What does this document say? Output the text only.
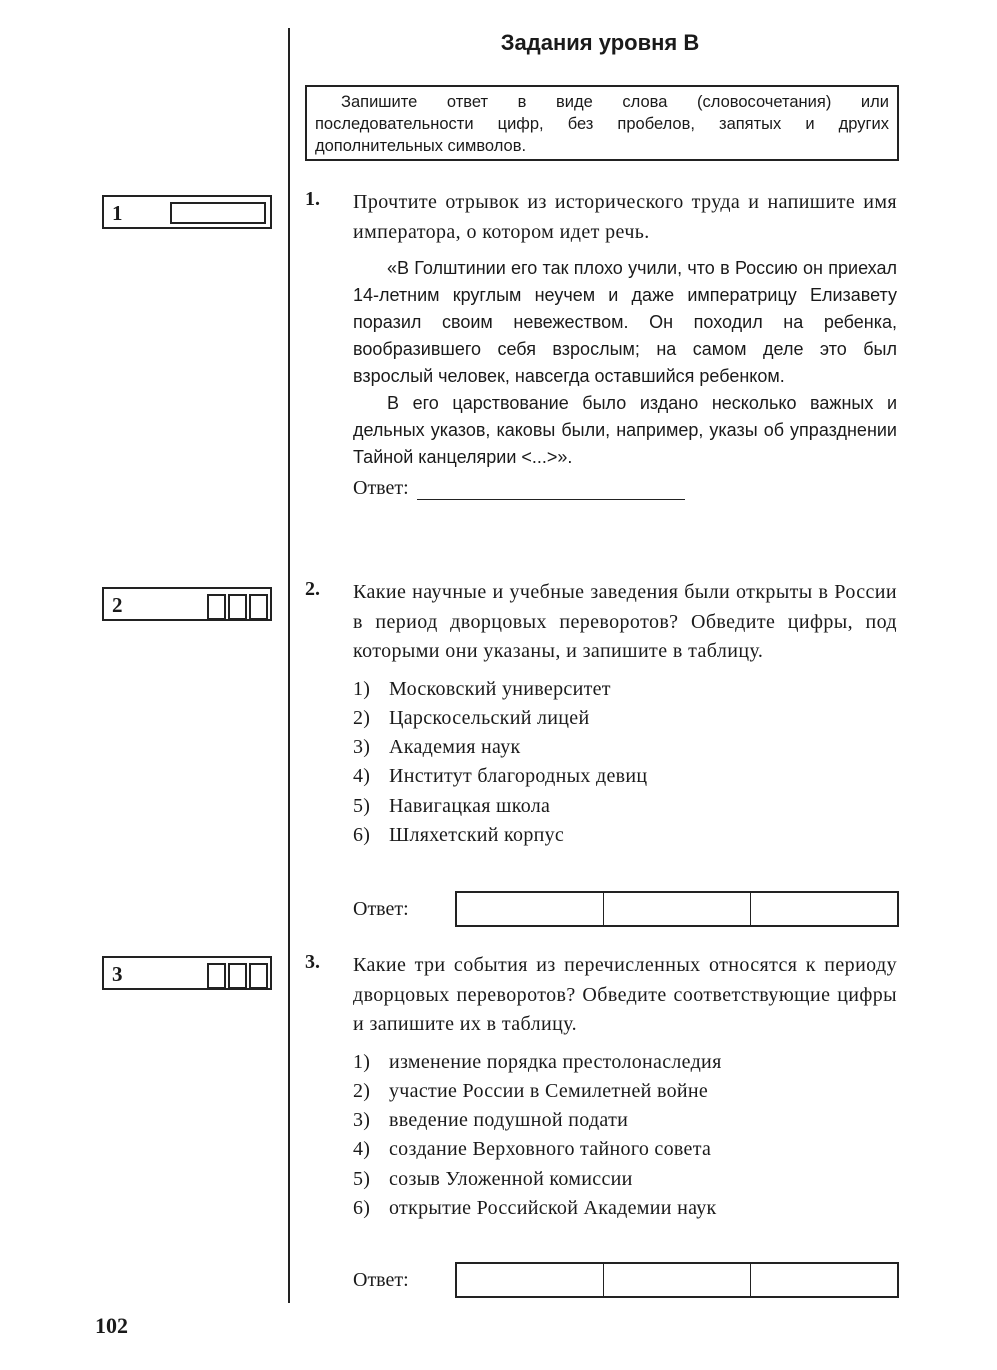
Задания уровня В
Запишите ответ в виде слова (словосочетания) или последовательности цифр, без пробелов, запятых и других дополнительных символов.
1
2
3
1. Прочтите отрывок из исторического труда и напишите имя императора, о котором идет речь.

«В Голштинии его так плохо учили, что в Россию он приехал 14-летним круглым неучем и даже императрицу Елизавету поразил своим невежеством. Он походил на ребенка, вообразившего себя взрослым; на самом деле это был взрослый человек, навсегда оставшийся ребенком.

В его царствование было издано несколько важных и дельных указов, каковы были, например, указы об упразднении Тайной канцелярии <...>».

Ответ:
2. Какие научные и учебные заведения были открыты в России в период дворцовых переворотов? Обведите цифры, под которыми они указаны, и запишите в таблицу.
1) Московский университет
2) Царскосельский лицей
3) Академия наук
4) Институт благородных девиц
5) Навигацкая школа
6) Шляхетский корпус
Ответ:
3. Какие три события из перечисленных относятся к периоду дворцовых переворотов? Обведите соответствующие цифры и запишите их в таблицу.
1) изменение порядка престолонаследия
2) участие России в Семилетней войне
3) введение подушной подати
4) создание Верховного тайного совета
5) созыв Уложенной комиссии
6) открытие Российской Академии наук
Ответ:
102
